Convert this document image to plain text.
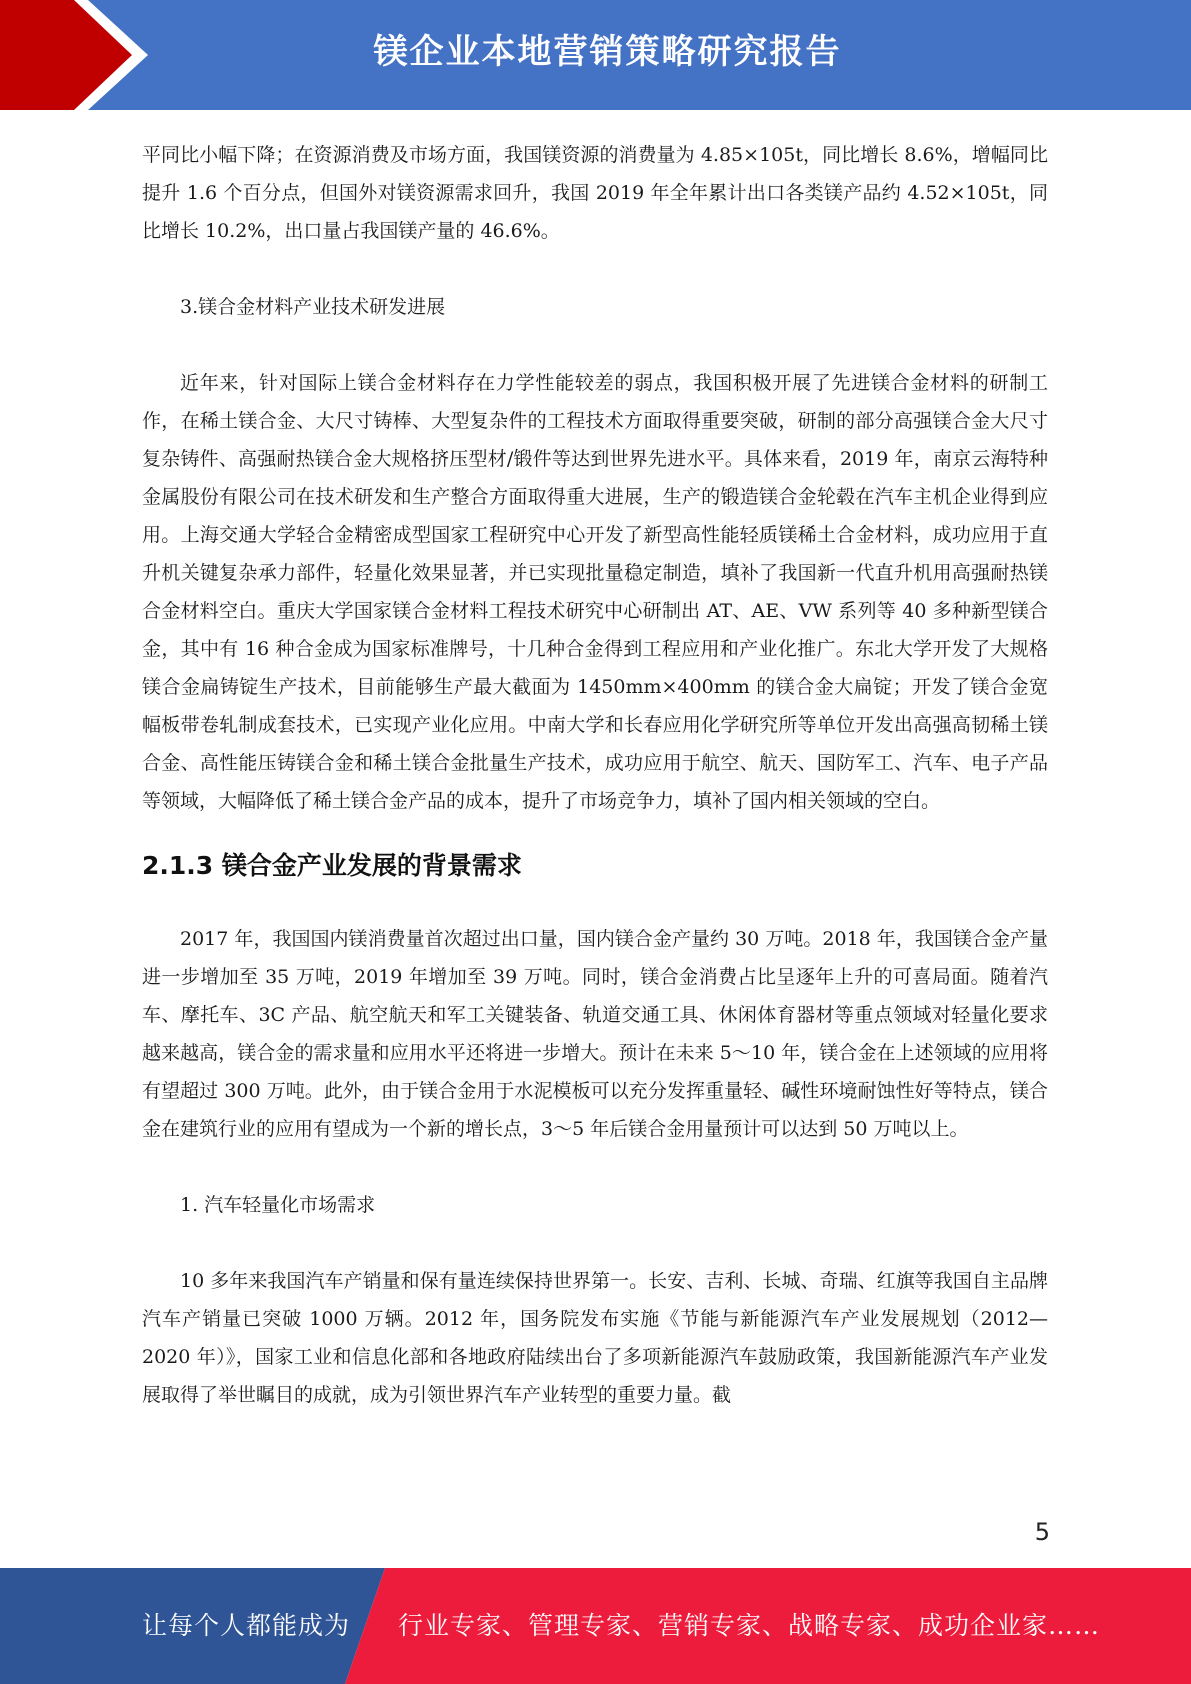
镁企业本地营销策略研究报告

平同比小幅下降；在资源消费及市场方面，我国镁资源的消费量为 4.85×105t，同比增长 8.6%，增幅同比提升 1.6 个百分点，但国外对镁资源需求回升，我国 2019 年全年累计出口各类镁产品约 4.52×105t，同比增长 10.2%，出口量占我国镁产量的 46.6%。

3.镁合金材料产业技术研发进展

近年来，针对国际上镁合金材料存在力学性能较差的弱点，我国积极开展了先进镁合金材料的研制工作，在稀土镁合金、大尺寸铸棒、大型复杂件的工程技术方面取得重要突破，研制的部分高强镁合金大尺寸复杂铸件、高强耐热镁合金大规格挤压型材/锻件等达到世界先进水平。具体来看，2019 年，南京云海特种金属股份有限公司在技术研发和生产整合方面取得重大进展，生产的锻造镁合金轮毂在汽车主机企业得到应用。上海交通大学轻合金精密成型国家工程研究中心开发了新型高性能轻质镁稀土合金材料，成功应用于直升机关键复杂承力部件，轻量化效果显著，并已实现批量稳定制造，填补了我国新一代直升机用高强耐热镁合金材料空白。重庆大学国家镁合金材料工程技术研究中心研制出 AT、AE、VW 系列等 40 多种新型镁合金，其中有 16 种合金成为国家标准牌号，十几种合金得到工程应用和产业化推广。东北大学开发了大规格镁合金扁铸锭生产技术，目前能够生产最大截面为 1450mm×400mm 的镁合金大扁锭；开发了镁合金宽幅板带卷轧制成套技术，已实现产业化应用。中南大学和长春应用化学研究所等单位开发出高强高韧稀土镁合金、高性能压铸镁合金和稀土镁合金批量生产技术，成功应用于航空、航天、国防军工、汽车、电子产品等领域，大幅降低了稀土镁合金产品的成本，提升了市场竞争力，填补了国内相关领域的空白。

2.1.3 镁合金产业发展的背景需求

2017 年，我国国内镁消费量首次超过出口量，国内镁合金产量约 30 万吨。2018 年，我国镁合金产量进一步增加至 35 万吨，2019 年增加至 39 万吨。同时，镁合金消费占比呈逐年上升的可喜局面。随着汽车、摩托车、3C 产品、航空航天和军工关键装备、轨道交通工具、休闲体育器材等重点领域对轻量化要求越来越高，镁合金的需求量和应用水平还将进一步增大。预计在未来 5～10 年，镁合金在上述领域的应用将有望超过 300 万吨。此外，由于镁合金用于水泥模板可以充分发挥重量轻、碱性环境耐蚀性好等特点，镁合金在建筑行业的应用有望成为一个新的增长点，3～5 年后镁合金用量预计可以达到 50 万吨以上。

1. 汽车轻量化市场需求

10 多年来我国汽车产销量和保有量连续保持世界第一。长安、吉利、长城、奇瑞、红旗等我国自主品牌汽车产销量已突破 1000 万辆。2012 年，国务院发布实施《节能与新能源汽车产业发展规划（2012—2020 年）》，国家工业和信息化部和各地政府陆续出台了多项新能源汽车鼓励政策，我国新能源汽车产业发展取得了举世瞩目的成就，成为引领世界汽车产业转型的重要力量。截

5
让每个人都能成为 行业专家、管理专家、营销专家、战略专家、成功企业家……
